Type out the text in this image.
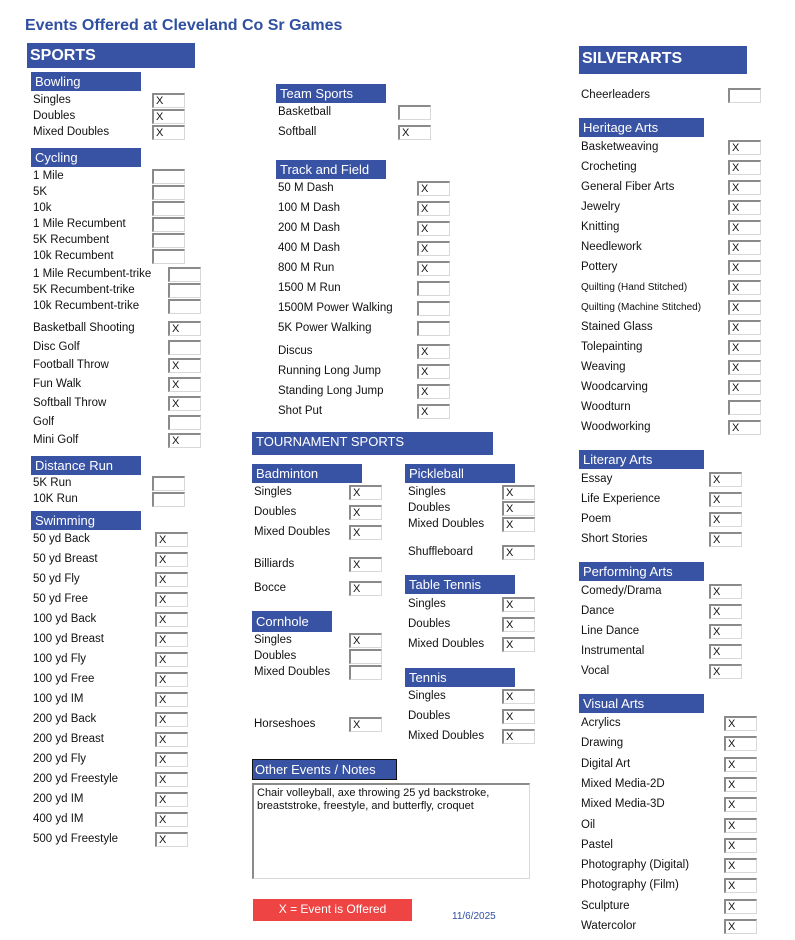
Events Offered at Cleveland Co Sr Games
SPORTS	SILVERARTS
Bowling
Cycling
Distance Run
Swimming
Team Sports
Track and Field
TOURNAMENT SPORTS
Badminton	Pickleball
Table Tennis
Cornhole
Tennis
Other Events / Notes
Heritage Arts
Literary Arts
Performing Arts
Visual Arts
Singles	X
Doubles	X
Mixed Doubles	X
1 Mile
5K
10k
1 Mile Recumbent
5K Recumbent
10k Recumbent
1 Mile Recumbent-trike
5K Recumbent-trike
10k Recumbent-trike
Basketball Shooting	X
Disc Golf
Football Throw	X
Fun Walk	X
Softball Throw	X
Golf
Mini Golf	X
5K Run
10K Run
50 yd Back	X
50 yd Breast	X
50 yd Fly	X
50 yd Free	X
100 yd Back	X
100 yd Breast	X
100 yd Fly	X
100 yd Free	X
100 yd IM	X
200 yd Back	X
200 yd Breast	X
200 yd Fly	X
200 yd Freestyle	X
200 yd IM	X
400 yd IM	X
500 yd Freestyle	X
Basketball
Softball	X
50 M Dash	X
100 M Dash	X
200 M Dash	X
400 M Dash	X
800 M Run	X
1500 M Run
1500M Power Walking
5K Power Walking
Discus	X
Running Long Jump	X
Standing Long Jump	X
Shot Put	X
Singles	X
Doubles	X
Mixed Doubles	X
Billiards	X
Bocce	X
Singles	X
Doubles
Mixed Doubles
Horseshoes	X
Singles	X
Doubles	X
Mixed Doubles	X
Shuffleboard	X
Singles	X
Doubles	X
Mixed Doubles	X
Singles	X
Doubles	X
Mixed Doubles	X
Cheerleaders
Basketweaving	X
Crocheting	X
General Fiber Arts	X
Jewelry	X
Knitting	X
Needlework	X
Pottery	X
Quilting (Hand Stitched)	X
Quilting (Machine Stitched)	X
Stained Glass	X
Tolepainting	X
Weaving	X
Woodcarving	X
Woodturn
Woodworking	X
Essay	X
Life Experience	X
Poem	X
Short Stories	X
Comedy/Drama	X
Dance	X
Line Dance	X
Instrumental	X
Vocal	X
Acrylics	X
Drawing	X
Digital Art	X
Mixed Media-2D	X
Mixed Media-3D	X
Oil	X
Pastel	X
Photography (Digital)	X
Photography (Film)	X
Sculpture	X
Watercolor	X
Chair volleyball, axe throwing 25 yd backstroke, breaststroke, freestyle, and butterfly, croquet
X = Event is Offered
11/6/2025
